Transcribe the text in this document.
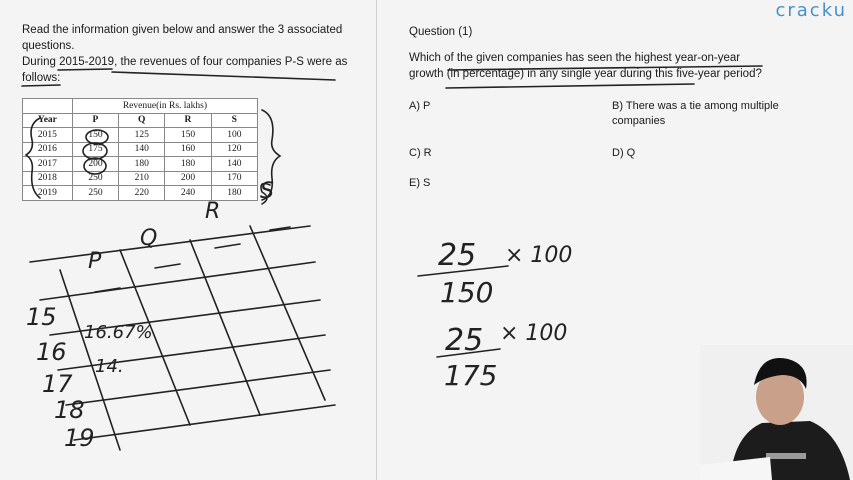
Read the information given below and answer the 3 associated questions.

During 2015-2019, the revenues of four companies P-S were as follows:

	Revenue(in Rs. lakhs)			
Year	P	Q	R	S
2015	150	125	150	100
2016	175	140	160	120
2017	200	180	180	140
2018	250	210	200	170
2019	250	220	240	180
Question (1)
Which of the given companies has seen the highest year-on-year growth (in percentage) in any single year during this five-year period?
A) P	B) There was a tie among multiple companies
C) R	D) Q
E) S
cracku
P
Q
R
S
15
16
17
18
19
16.67%
14.
25 × 100
150
25 × 100
175
